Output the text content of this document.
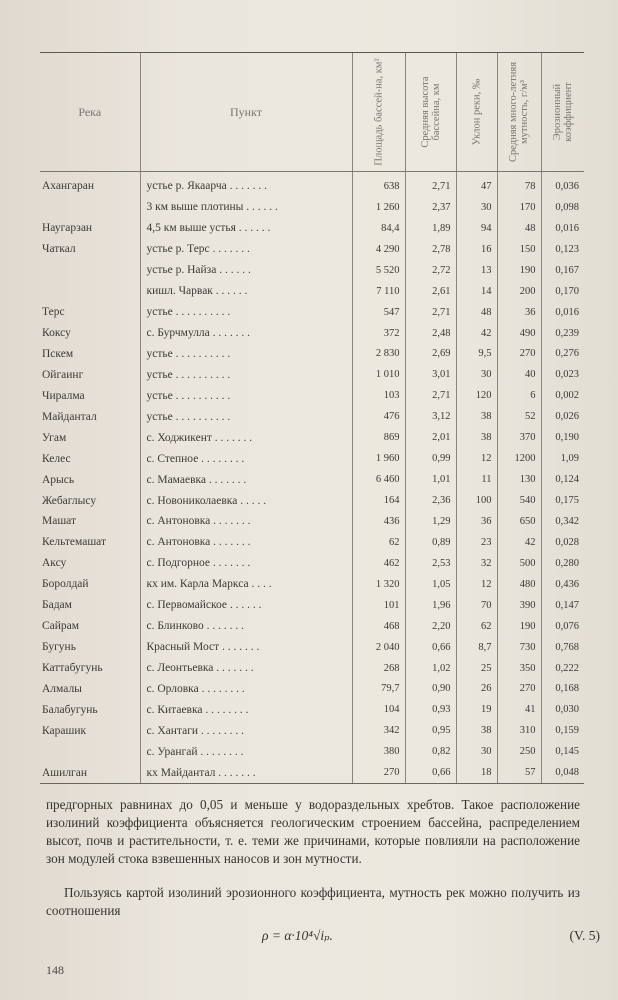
Река	Пункт	Площадь бассей-на, км²	Средняя высота бассейна, км	Уклон реки, ‰	Средняя много-летняя мутность, г/м³	Эрозионный коэффициент

Ахангаран	устье р. Якаарча . . . . . . .	638	2,71	47	78	0,036
	3 км выше плотины . . . . . .	1 260	2,37	30	170	0,098
Наугарзан	4,5 км выше устья . . . . . .	84,4	1,89	94	48	0,016
Чаткал	устье р. Терс . . . . . . .	4 290	2,78	16	150	0,123
	устье р. Найза . . . . . .	5 520	2,72	13	190	0,167
	кишл. Чарвак . . . . . .	7 110	2,61	14	200	0,170
Терс	устье . . . . . . . . . .	547	2,71	48	36	0,016
Коксу	с. Бурчмулла . . . . . . .	372	2,48	42	490	0,239
Пскем	устье . . . . . . . . . .	2 830	2,69	9,5	270	0,276
Ойгаинг	устье . . . . . . . . . .	1 010	3,01	30	40	0,023
Чиралма	устье . . . . . . . . . .	103	2,71	120	6	0,002
Майдантал	устье . . . . . . . . . .	476	3,12	38	52	0,026
Угам	с. Ходжикент . . . . . . .	869	2,01	38	370	0,190
Келес	с. Степное . . . . . . . .	1 960	0,99	12	1200	1,09
Арысь	с. Мамаевка . . . . . . .	6 460	1,01	11	130	0,124
Жебаглысу	с. Новониколаевка . . . . .	164	2,36	100	540	0,175
Машат	с. Антоновка . . . . . . .	436	1,29	36	650	0,342
Кельтемашат	с. Антоновка . . . . . . .	62	0,89	23	42	0,028
Аксу	с. Подгорное . . . . . . .	462	2,53	32	500	0,280
Боролдай	кх им. Карла Маркса . . . .	1 320	1,05	12	480	0,436
Бадам	с. Первомайское . . . . . .	101	1,96	70	390	0,147
Сайрам	с. Блинково . . . . . . .	468	2,20	62	190	0,076
Бугунь	Красный Мост . . . . . . .	2 040	0,66	8,7	730	0,768
Каттабугунь	с. Леонтьевка . . . . . . .	268	1,02	25	350	0,222
Алмалы	с. Орловка . . . . . . . .	79,7	0,90	26	270	0,168
Балабугунь	с. Китаевка . . . . . . . .	104	0,93	19	41	0,030
Карашик	с. Хантаги . . . . . . . .	342	0,95	38	310	0,159
	с. Урангай . . . . . . . .	380	0,82	30	250	0,145
Ашилган	кх Майдантал . . . . . . .	270	0,66	18	57	0,048
предгорных равнинах до 0,05 и меньше у водораздельных хребтов. Такое расположение изолиний коэффициента объясняется геологическим строением бассейна, распределением высот, почв и растительности, т. е. теми же причинами, которые повлияли на расположение зон модулей стока взвешенных наносов и зон мутности.
Пользуясь картой изолиний эрозионного коэффициента, мутность рек можно получить из соотношения
ρ = α·10⁴√iₚ.	(V. 5)
148
